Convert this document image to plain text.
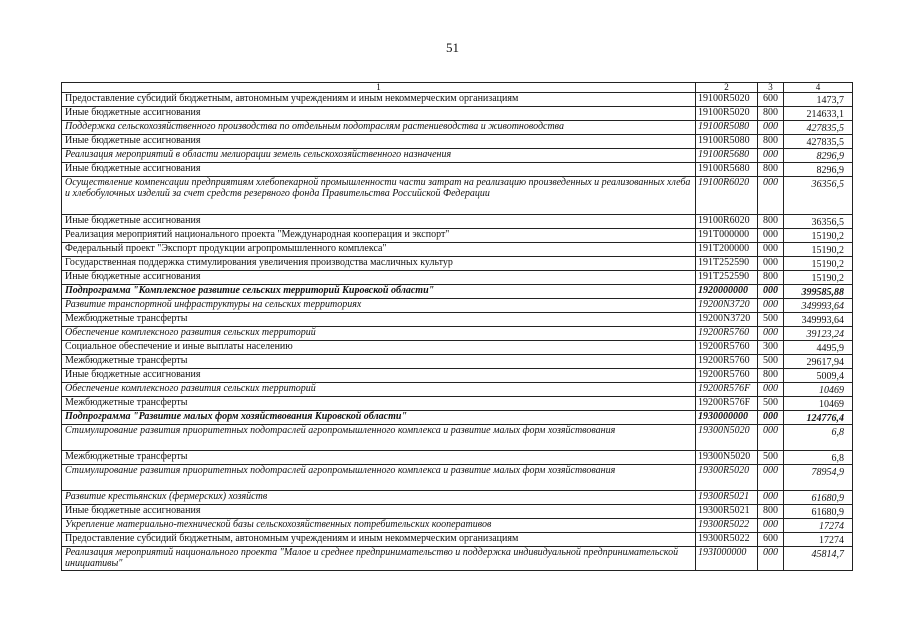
51
1	2	3	4
Предоставление субсидий бюджетным, автономным учреждениям и иным некоммерческим организациям	19100R5020	600	1473,7
Иные бюджетные ассигнования	19100R5020	800	214633,1
Поддержка сельскохозяйственного производства по отдельным подотраслям растениеводства и животноводства	19100R5080	000	427835,5
Иные бюджетные ассигнования	19100R5080	800	427835,5
Реализация мероприятий в области мелиорации земель сельскохозяйственного назначения	19100R5680	000	8296,9
Иные бюджетные ассигнования	19100R5680	800	8296,9
Осуществление компенсации предприятиям хлебопекарной промышленности части затрат на реализацию произведенных и реализованных хлеба и хлебобулочных изделий за счет средств резервного фонда Правительства Российской Федерации	19100R6020	000	36356,5
Иные бюджетные ассигнования	19100R6020	800	36356,5
Реализация мероприятий национального проекта "Международная кооперация и экспорт"	191T000000	000	15190,2
Федеральный проект "Экспорт продукции агропромышленного комплекса"	191T200000	000	15190,2
Государственная поддержка стимулирования увеличения производства масличных культур	191T252590	000	15190,2
Иные бюджетные ассигнования	191T252590	800	15190,2
Подпрограмма "Комплексное развитие сельских территорий Кировской области"	1920000000	000	399585,88
Развитие транспортной инфраструктуры на сельских территориях	19200N3720	000	349993,64
Межбюджетные трансферты	19200N3720	500	349993,64
Обеспечение комплексного развития сельских территорий	19200R5760	000	39123,24
Социальное обеспечение и иные выплаты населению	19200R5760	300	4495,9
Межбюджетные трансферты	19200R5760	500	29617,94
Иные бюджетные ассигнования	19200R5760	800	5009,4
Обеспечение комплексного развития сельских территорий	19200R576F	000	10469
Межбюджетные трансферты	19200R576F	500	10469
Подпрограмма "Развитие малых форм хозяйствования Кировской области"	1930000000	000	124776,4
Стимулирование развития приоритетных подотраслей агропромышленного комплекса и развитие малых форм хозяйствования	19300N5020	000	6,8
Межбюджетные трансферты	19300N5020	500	6,8
Стимулирование развития приоритетных подотраслей агропромышленного комплекса и развитие малых форм хозяйствования	19300R5020	000	78954,9
Развитие крестьянских (фермерских) хозяйств	19300R5021	000	61680,9
Иные бюджетные ассигнования	19300R5021	800	61680,9
Укрепление материально-технической базы сельскохозяйственных потребительских кооперативов	19300R5022	000	17274
Предоставление субсидий бюджетным, автономным учреждениям и иным некоммерческим организациям	19300R5022	600	17274
Реализация мероприятий национального проекта "Малое и среднее предпринимательство и поддержка индивидуальной предпринимательской инициативы"	193I000000	000	45814,7
